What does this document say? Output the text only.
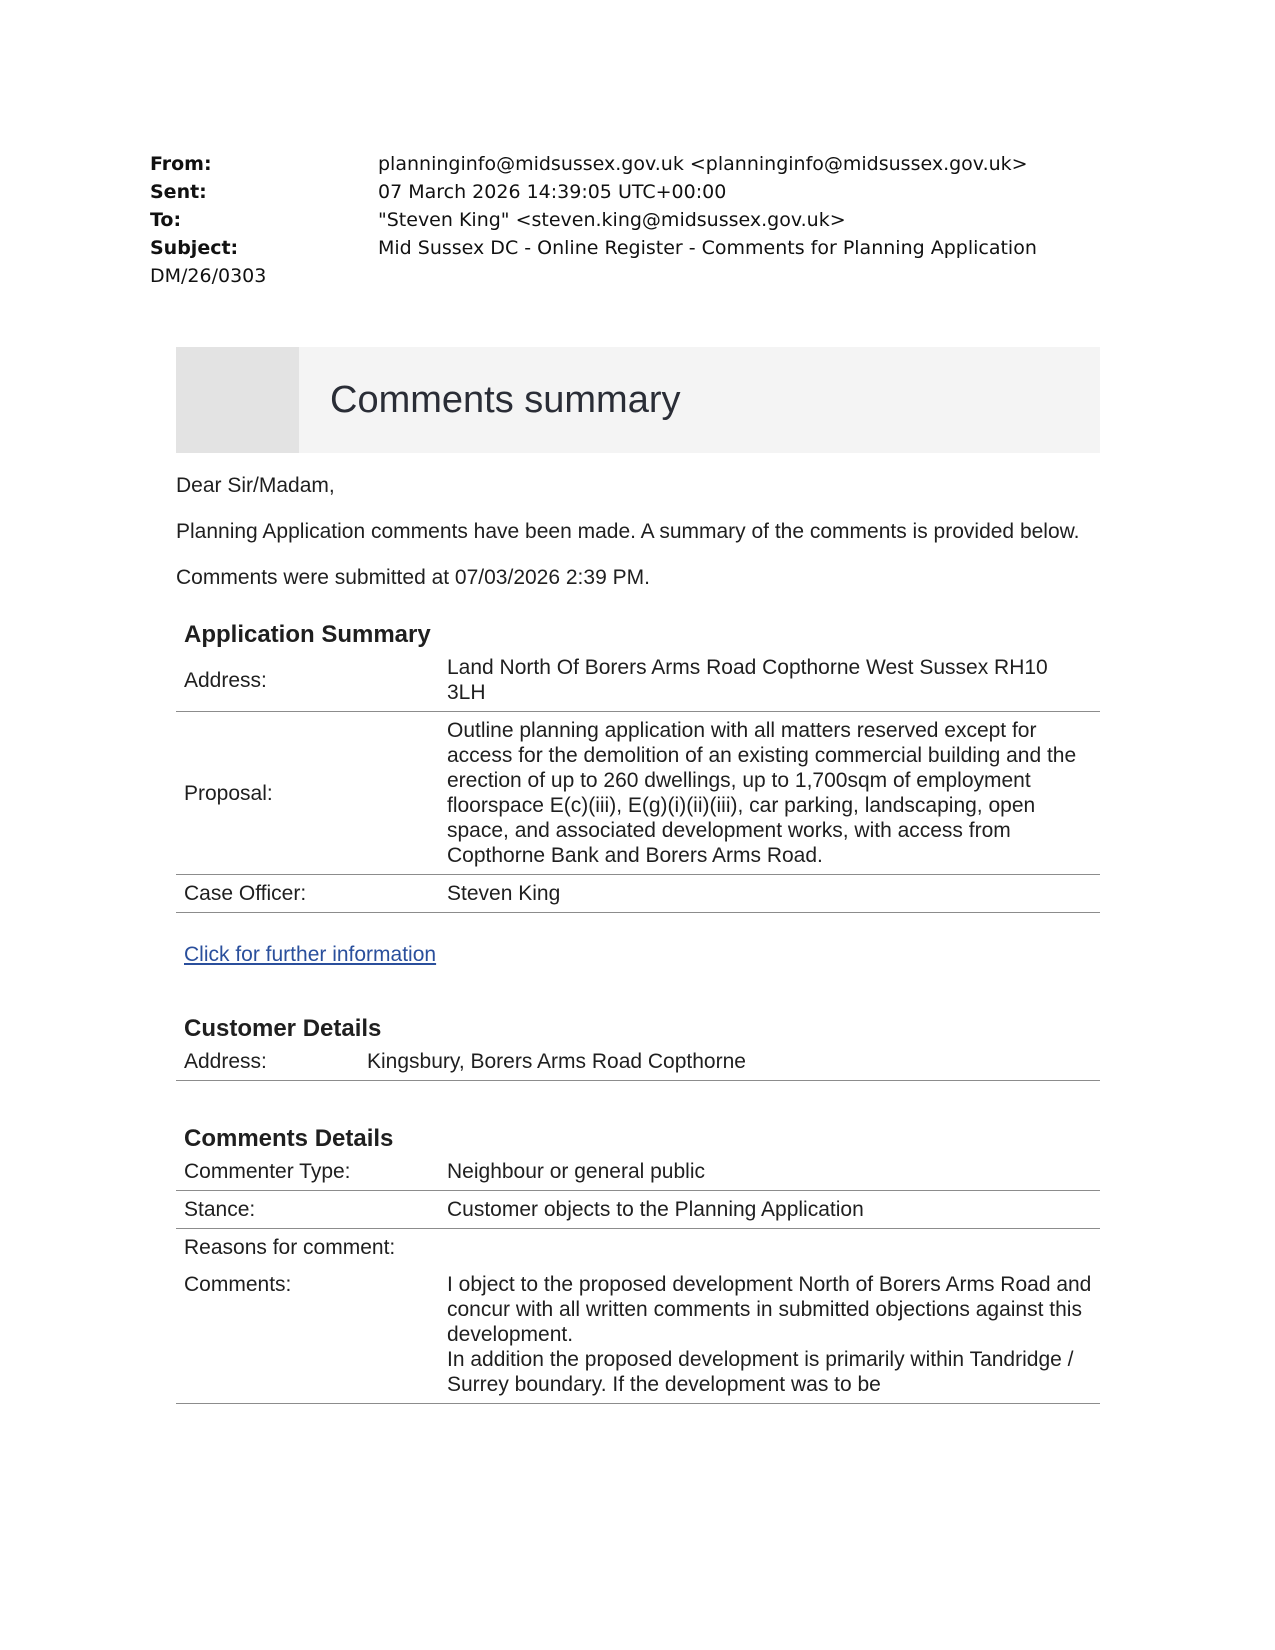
From:	planninginfo@midsussex.gov.uk <planninginfo@midsussex.gov.uk>
Sent:	07 March 2026 14:39:05 UTC+00:00
To:	"Steven King" <steven.king@midsussex.gov.uk>
Subject:	Mid Sussex DC - Online Register - Comments for Planning Application
DM/26/0303
Comments summary

Dear Sir/Madam,

Planning Application comments have been made. A summary of the comments is provided below.

Comments were submitted at 07/03/2026 2:39 PM.

Application Summary
Address:	Land North Of Borers Arms Road Copthorne West Sussex RH10 3LH
Proposal:	Outline planning application with all matters reserved except for access for the demolition of an existing commercial building and the erection of up to 260 dwellings, up to 1,700sqm of employment floorspace E(c)(iii), E(g)(i)(ii)(iii), car parking, landscaping, open space, and associated development works, with access from Copthorne Bank and Borers Arms Road.
Case Officer:	Steven King
Click for further information
Customer Details
Address:	Kingsbury, Borers Arms Road Copthorne
Comments Details
Commenter Type:	Neighbour or general public
Stance:	Customer objects to the Planning Application
Reasons for comment:	
Comments:	I object to the proposed development North of Borers Arms Road and concur with all written comments in submitted objections against this development.
In addition the proposed development is primarily within Tandridge / Surrey boundary. If the development was to be
